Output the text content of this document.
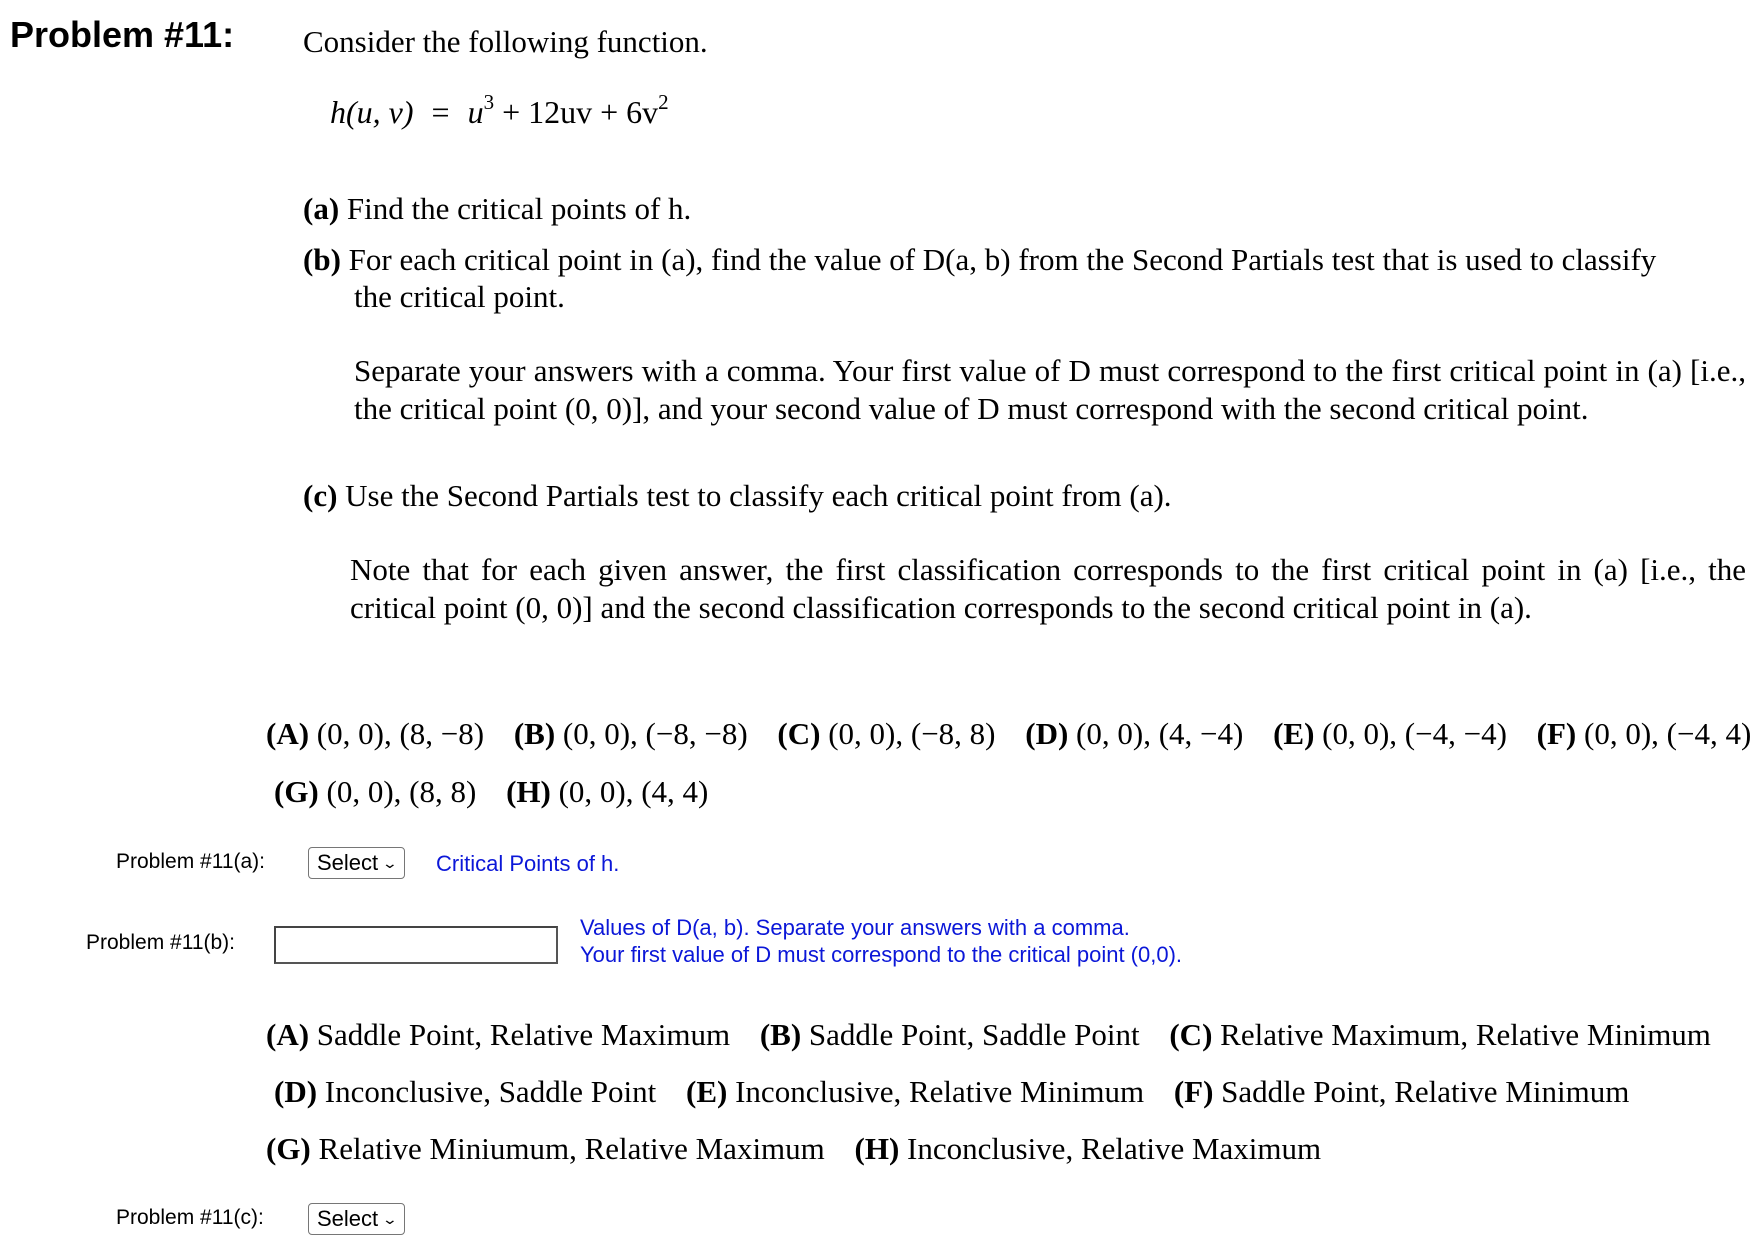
Problem #11: Consider the following function.
h(u, $v) = u^3 + 12uv + 6v^2$
(a) Find the critical points of h.
(b) For each critical point in (a), find the value of D(a, b) from the Second Partials test that is used to classify
the critical point.
Separate your answers with a comma. Your first value of D must correspond to the first critical point in (a) [i.e., the critical point (0, 0)], and your second value of D must correspond with the second critical point.
(c) Use the Second Partials test to classify each critical point from (a).
Note that for each given answer, the first classification corresponds to the first critical point in (a) [i.e., the critical point (0, 0)] and the second classification corresponds to the second critical point in (a).
(A) (0, 0), (8, −8) (B) (0, 0), (−8, −8) (C) (0, 0), (−8, 8) (D) (0, 0), (4, −4) (E) (0, 0), (−4, −4) (F) (0, 0), (−4, 4)
(G) (0, 0), (8, 8) (H) (0, 0), (4, 4)
Problem #11(a): Select ⌄ Critical Points of h.
Problem #11(b):
Values of D(a, b). Separate your answers with a comma.
Your first value of D must correspond to the critical point (0,0).
(A) Saddle Point, Relative Maximum (B) Saddle Point, Saddle Point (C) Relative Maximum, Relative Minimum
(D) Inconclusive, Saddle Point (E) Inconclusive, Relative Minimum (F) Saddle Point, Relative Minimum
(G) Relative Miniumum, Relative Maximum (H) Inconclusive, Relative Maximum
Problem #11(c): Select ⌄
